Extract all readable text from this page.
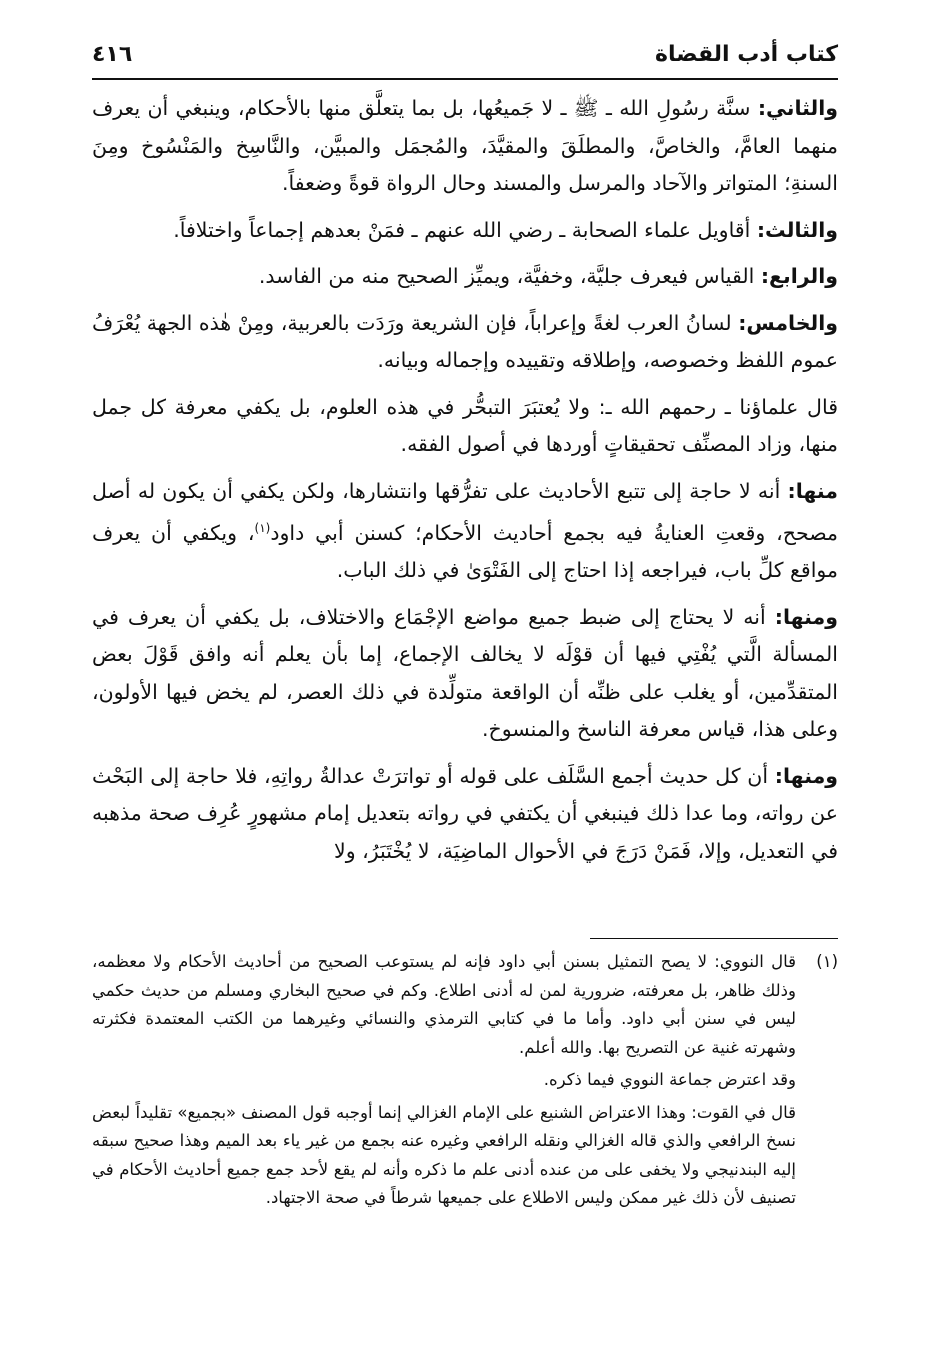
كتاب أدب القضاة
٤١٦

والثاني: سنَّة رسُولِ الله ـ ﷺ ـ لا جَميعُها، بل بما يتعلَّق منها بالأحكام، وينبغي أن يعرف منهما العامَّ، والخاصَّ، والمطلَقَ والمقيَّدَ، والمُجمَل والمبيَّن، والنَّاسِخ والمَنْسُوخ ومِنَ السنةِ؛ المتواتر والآحاد والمرسل والمسند وحال الرواة قوةً وضعفاً.

والثالث: أقاويل علماء الصحابة ـ رضي الله عنهم ـ فمَنْ بعدهم إجماعاً واختلافاً.

والرابع: القياس فيعرف جليَّة، وخفيَّة، ويميِّز الصحيح منه من الفاسد.

والخامس: لسانُ العرب لغةً وإعراباً، فإن الشريعة ورَدَت بالعربية، ومِنْ هٰذه الجهة يُعْرَفُ عموم اللفظ وخصوصه، وإطلاقه وتقييده وإجماله وبيانه.

قال علماؤنا ـ رحمهم الله ـ: ولا يُعتبَرَ التبحُّر في هذه العلوم، بل يكفي معرفة كل جمل منها، وزاد المصنِّف تحقيقاتٍ أوردها في أصول الفقه.

منها: أنه لا حاجة إلى تتبع الأحاديث على تفرُّقها وانتشارها، ولكن يكفي أن يكون له أصل مصحح، وقعتِ العنايةُ فيه بجمع أحاديث الأحكام؛ كسنن أبي داود$^{(١)}$، ويكفي أن يعرف مواقع كلِّ باب، فيراجعه إذا احتاج إلى الفَتْوَىٰ في ذلك الباب.

ومنها: أنه لا يحتاج إلى ضبط جميع مواضع الإجْمَاع والاختلاف، بل يكفي أن يعرف في المسألة الَّتي يُفْتِي فيها أن قوْلَه لا يخالف الإجماع، إما بأن يعلم أنه وافق قَوْلَ بعض المتقدِّمين، أو يغلب على ظنِّه أن الواقعة متولِّدة في ذلك العصر، لم يخض فيها الأولون، وعلى هذا، قياس معرفة الناسخ والمنسوخ.

ومنها: أن كل حديث أجمع السَّلَف على قوله أو تواترَتْ عدالةُ رواتِهِ، فلا حاجة إلى البَحْث عن رواته، وما عدا ذلك فينبغي أن يكتفي في رواته بتعديل إمام مشهورٍ عُرِف صحة مذهبه في التعديل، وإلا، فَمَنْ دَرَجَ في الأحوال الماضِيَة، لا يُخْتَبَرُ، ولا

(١)
قال النووي: لا يصح التمثيل بسنن أبي داود فإنه لم يستوعب الصحيح من أحاديث الأحكام ولا معظمه، وذلك ظاهر، بل معرفته، ضرورية لمن له أدنى اطلاع. وكم في صحيح البخاري ومسلم من حديث حكمي ليس في سنن أبي داود. وأما ما في كتابي الترمذي والنسائي وغيرهما من الكتب المعتمدة فكثرته وشهرته غنية عن التصريح بها. والله أعلم.
وقد اعترض جماعة النووي فيما ذكره.
قال في القوت: وهذا الاعتراض الشنيع على الإمام الغزالي إنما أوجبه قول المصنف «بجميع» تقليداً لبعض نسخ الرافعي والذي قاله الغزالي ونقله الرافعي وغيره عنه بجمع من غير ياء بعد الميم وهذا صحيح سبقه إليه البندنيجي ولا يخفى على من عنده أدنى علم ما ذكره وأنه لم يقع لأحد جمع جميع أحاديث الأحكام في تصنيف لأن ذلك غير ممكن وليس الاطلاع على جميعها شرطاً في صحة الاجتهاد.
